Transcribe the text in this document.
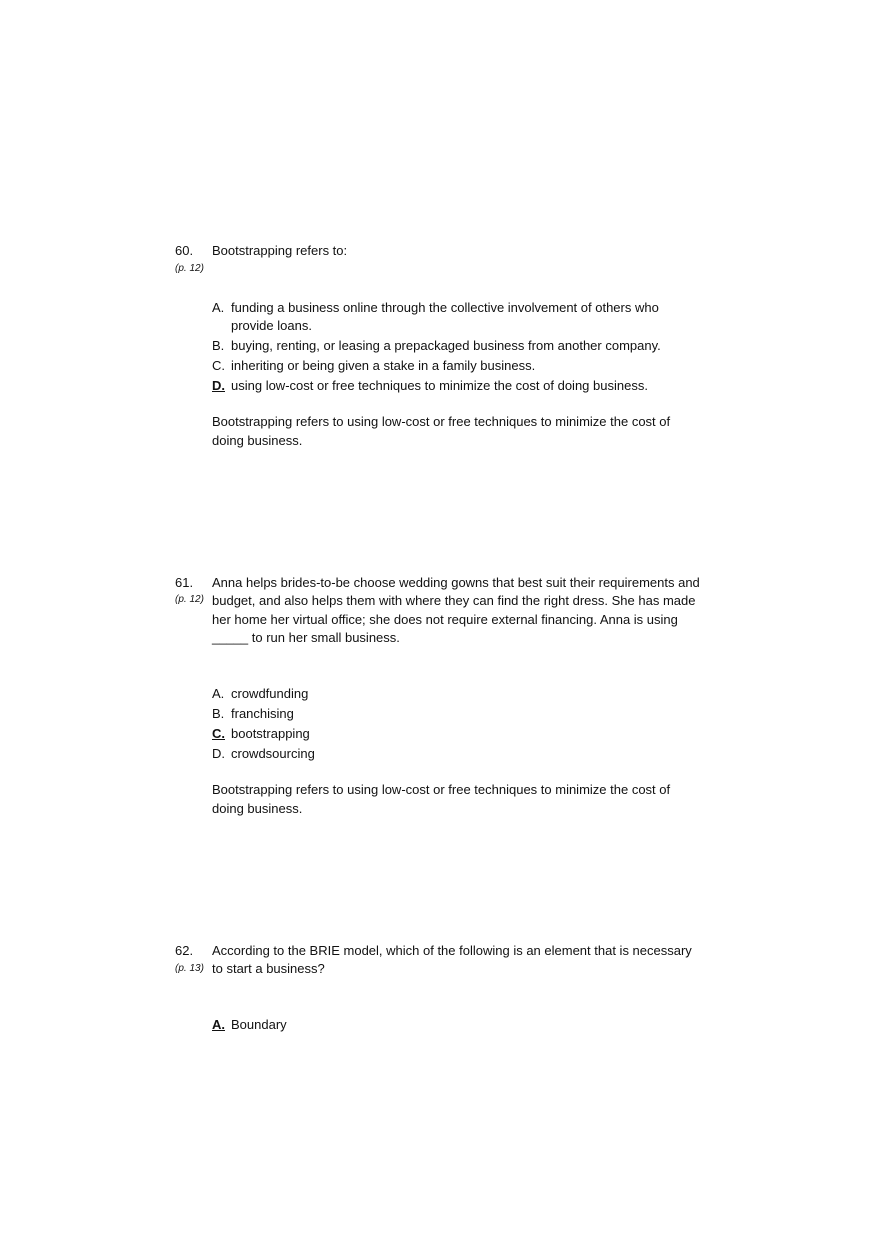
60.
(p. 12)
Bootstrapping refers to:
A. funding a business online through the collective involvement of others who provide loans.
B. buying, renting, or leasing a prepackaged business from another company.
C. inheriting or being given a stake in a family business.
D. using low-cost or free techniques to minimize the cost of doing business.
Bootstrapping refers to using low-cost or free techniques to minimize the cost of doing business.
61.
(p. 12)
Anna helps brides-to-be choose wedding gowns that best suit their requirements and budget, and also helps them with where they can find the right dress. She has made her home her virtual office; she does not require external financing. Anna is using _____ to run her small business.
A. crowdfunding
B. franchising
C. bootstrapping
D. crowdsourcing
Bootstrapping refers to using low-cost or free techniques to minimize the cost of doing business.
62.
(p. 13)
According to the BRIE model, which of the following is an element that is necessary to start a business?
A. Boundary
